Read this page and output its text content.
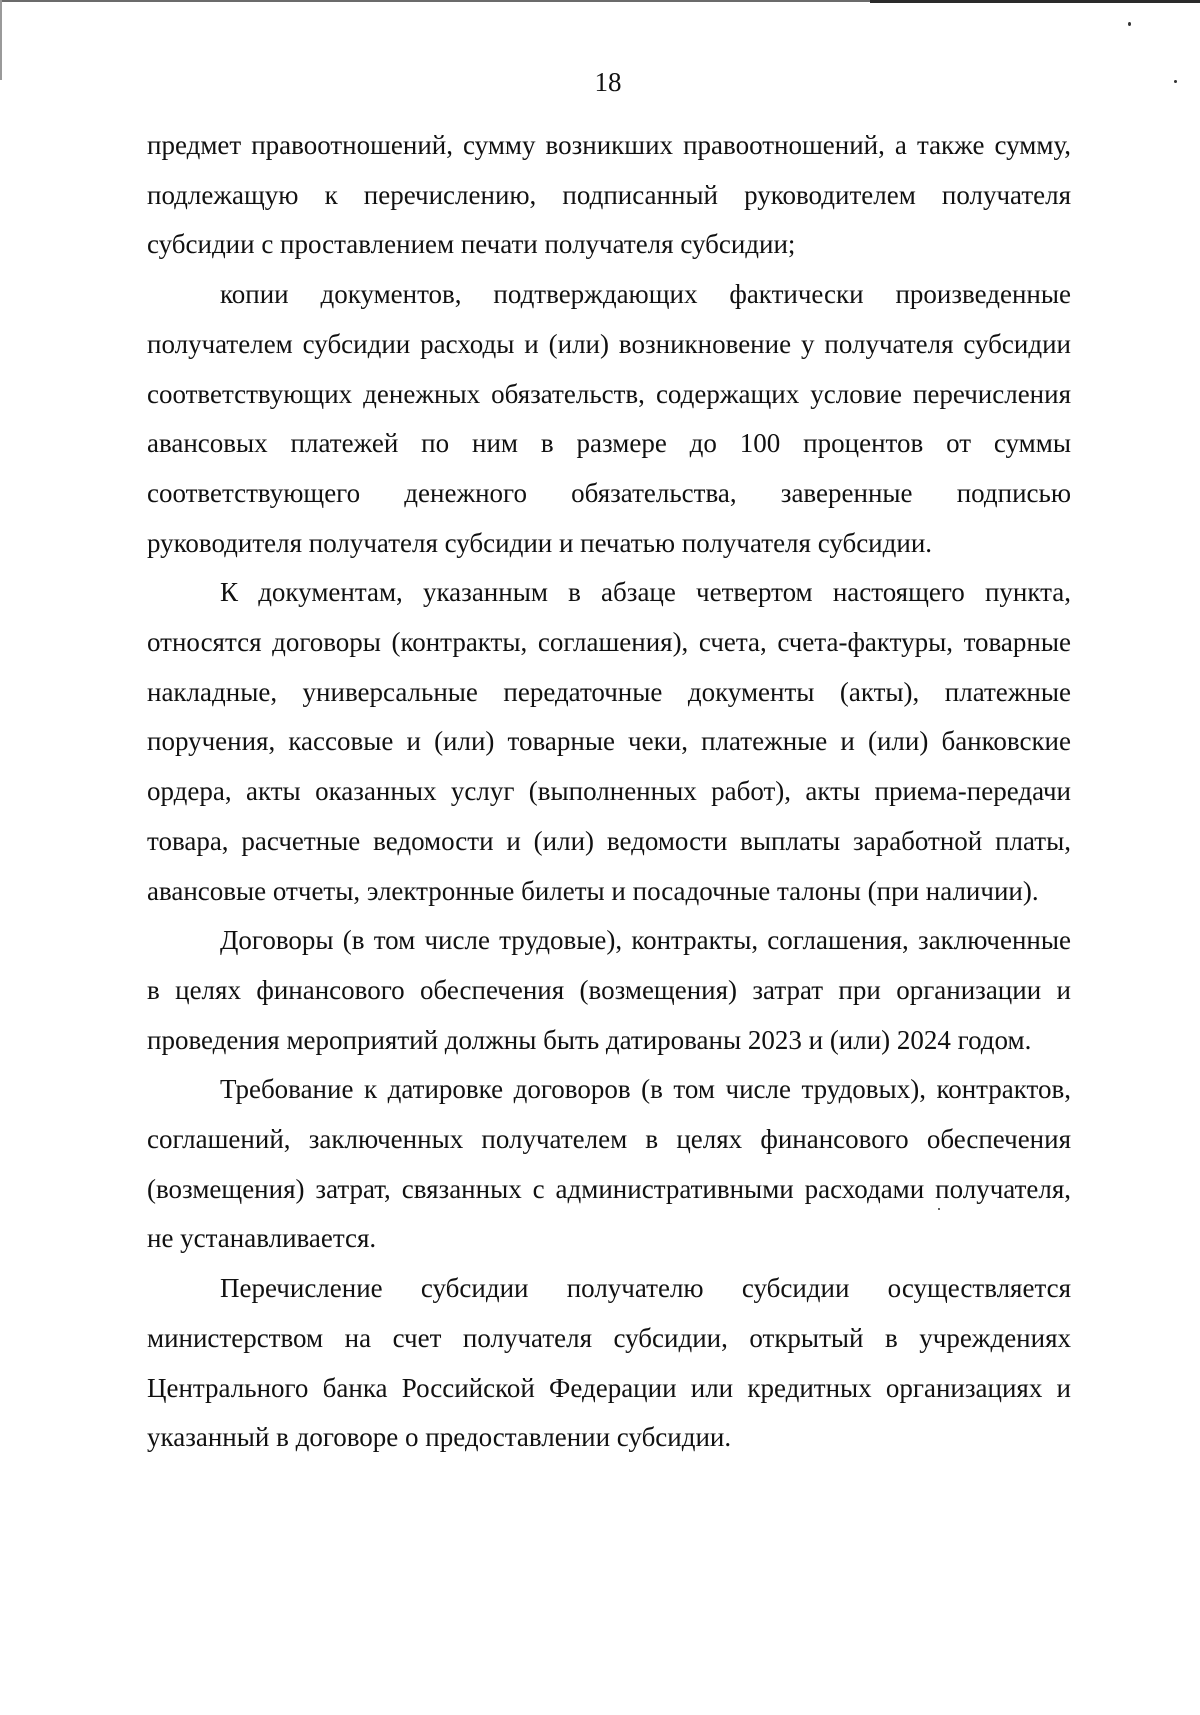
18

предмет правоотношений, сумму возникших правоотношений, а также сумму, подлежащую к перечислению, подписанный руководителем получателя субсидии с проставлением печати получателя субсидии;

копии документов, подтверждающих фактически произведенные получателем субсидии расходы и (или) возникновение у получателя субсидии соответствующих денежных обязательств, содержащих условие перечисления авансовых платежей по ним в размере до 100 процентов от суммы соответствующего денежного обязательства, заверенные подписью руководителя получателя субсидии и печатью получателя субсидии.

К документам, указанным в абзаце четвертом настоящего пункта, относятся договоры (контракты, соглашения), счета, счета-фактуры, товарные накладные, универсальные передаточные документы (акты), платежные поручения, кассовые и (или) товарные чеки, платежные и (или) банковские ордера, акты оказанных услуг (выполненных работ), акты приема-передачи товара, расчетные ведомости и (или) ведомости выплаты заработной платы, авансовые отчеты, электронные билеты и посадочные талоны (при наличии).

Договоры (в том числе трудовые), контракты, соглашения, заключенные в целях финансового обеспечения (возмещения) затрат при организации и проведения мероприятий должны быть датированы 2023 и (или) 2024 годом.

Требование к датировке договоров (в том числе трудовых), контрактов, соглашений, заключенных получателем в целях финансового обеспечения (возмещения) затрат, связанных с административными расходами получателя, не устанавливается.

Перечисление субсидии получателю субсидии осуществляется министерством на счет получателя субсидии, открытый в учреждениях Центрального банка Российской Федерации или кредитных организациях и указанный в договоре о предоставлении субсидии.
